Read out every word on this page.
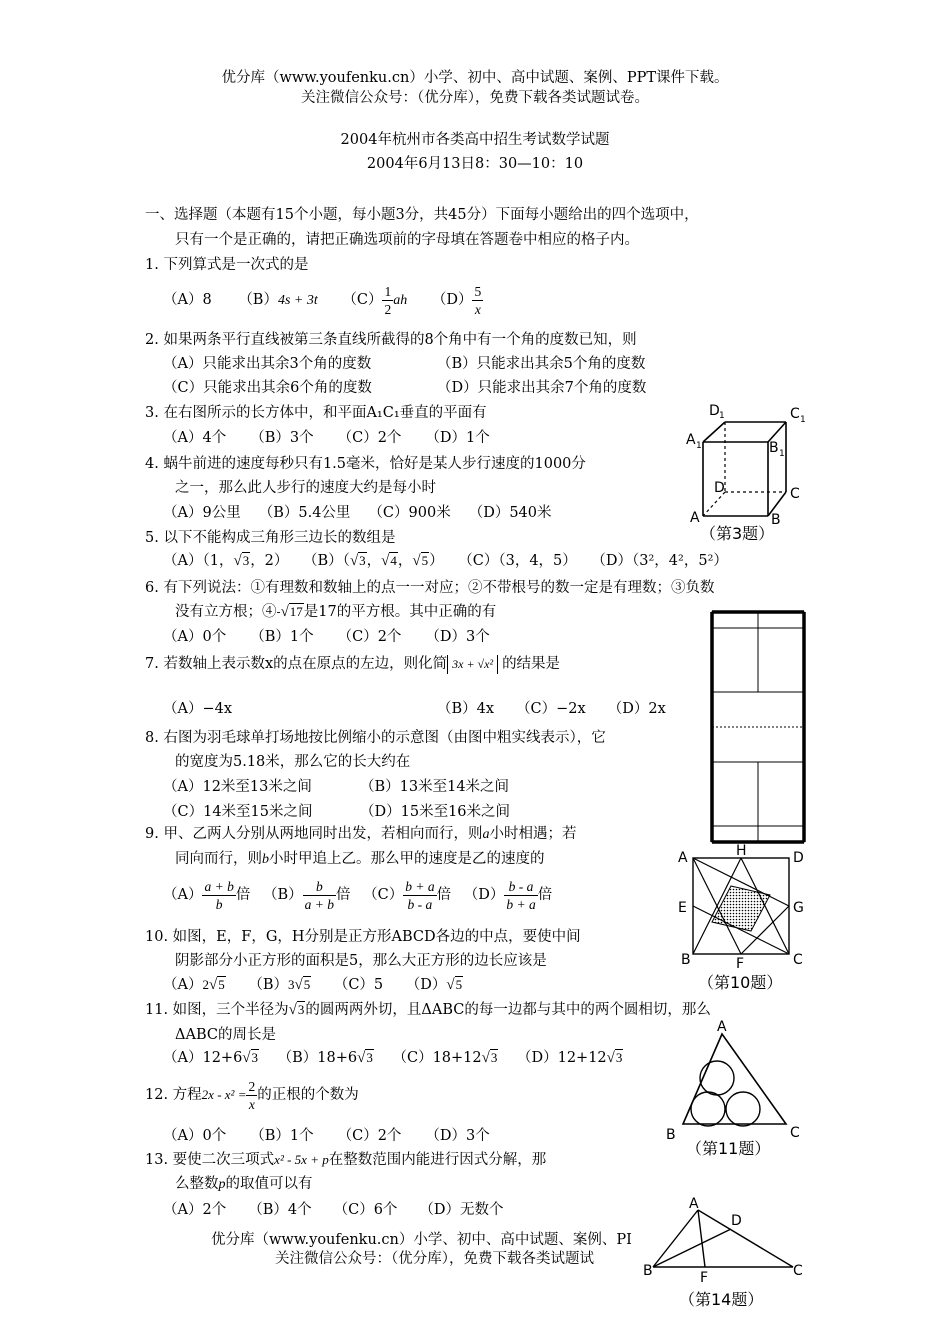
优分库（www.youfenku.cn）小学、初中、高中试题、案例、PPT课件下载。
关注微信公众号：（优分库），免费下载各类试题试卷。
2004年杭州市各类高中招生考试数学试题
2004年6月13日8：30—10：10
一、选择题（本题有15个小题，每小题3分，共45分）下面每小题给出的四个选项中，
只有一个是正确的，请把正确选项前的字母填在答题卷中相应的格子内。
1. 下列算式是一次式的是
（A）8 （B）4s + 3t $(C) \frac{1}{2}$ ah $(D) \frac{5}{x}$
2. 如果两条平行直线被第三条直线所截得的8个角中有一个角的度数已知，则
（A）只能求出其余3个角的度数	（B）只能求出其余5个角的度数
（C）只能求出其余6个角的度数	（D）只能求出其余7个角的度数
3. 在右图所示的长方体中，和平面A₁C₁垂直的平面有
（A）4个 （B）3个 （C）2个 （D）1个
4. 蜗牛前进的速度每秒只有1.5毫米，恰好是某人步行速度的1000分
之一，那么此人步行的速度大约是每小时
（A）9公里 （B）5.4公里 （C）900米 （D）540米
5. 以下不能构成三角形三边长的数组是
（A）（1，√3，2） （B）（√3，√4，√5） （C）（3，4，5） （D）（3²，4²，5²）
6. 有下列说法：①有理数和数轴上的点一一对应；②不带根号的数一定是有理数；③负数
没有立方根；④-√17是17的平方根。其中正确的有
（A）0个 （B）1个 （C）2个 （D）3个
7. 若数轴上表示数x的点在原点的左边，则化简 3x + √x² 的结果是
（A）−4x	（B）4x （C）−2x （D）2x
8. 右图为羽毛球单打场地按比例缩小的示意图（由图中粗实线表示），它
的宽度为5.18米，那么它的长大约在
（A）12米至13米之间	（B）13米至14米之间
（C）14米至15米之间	（D）15米至16米之间
9. 甲、乙两人分别从两地同时出发，若相向而行，则a小时相遇；若
同向而行，则b小时甲追上乙。那么甲的速度是乙的速度的
$(A) \frac{a + b}{b}$ 倍 $(B) \frac{b}{a + b}$ 倍 $(C) \frac{b + a}{b - a}$ 倍 $(D) \frac{b - a}{b + a}$ 倍
10. 如图，E，F，G，H分别是正方形ABCD各边的中点，要使中间
阴影部分小正方形的面积是5，那么大正方形的边长应该是
（A）2√5 （B）3√5 （C）5 （D）√5
11. 如图，三个半径为√3的圆两两外切，且ΔABC的每一边都与其中的两个圆相切，那么
ΔABC的周长是
（A）12+6√3 （B）18+6√3 （C）18+12√3 （D）12+12√3
12. 方程$2x - x^2 = \frac{2}{x}$ 的正根的个数为
（A）0个 （B）1个 （C）2个 （D）3个
13. 要使二次三项式x² - 5x + p在整数范围内能进行因式分解，那
么整数p的取值可以有
（A）2个 （B）4个 （C）6个 （D）无数个
优分库（www.youfenku.cn）小学、初中、高中试题、案例、PI
关注微信公众号：（优分库），免费下载各类试题试
D 1	C 1
A 1	B 1
D	C
A	B
（第3题）
A	H	D
E	G
B	F	C
（第10题）
A
B	C
（第11题）
A
D
B	F	C
（第14题）
